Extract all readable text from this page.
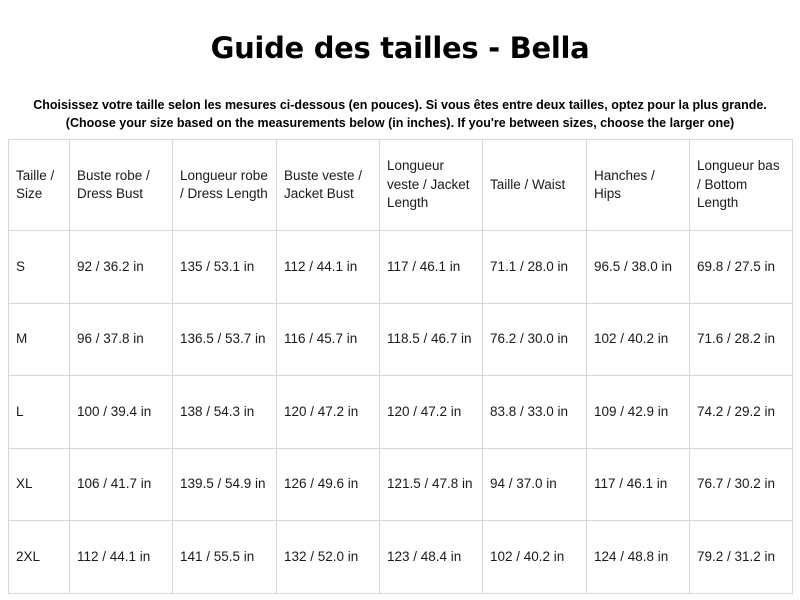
Guide des tailles - Bella
Choisissez votre taille selon les mesures ci-dessous (en pouces). Si vous êtes entre deux tailles, optez pour la plus grande.
(Choose your size based on the measurements below (in inches). If you're between sizes, choose the larger one)
Taille / Size	Buste robe / Dress Bust	Longueur robe / Dress Length	Buste veste / Jacket Bust	Longueur veste / Jacket Length	Taille / Waist	Hanches / Hips	Longueur bas / Bottom Length
S	92 / 36.2 in	135 / 53.1 in	112 / 44.1 in	117 / 46.1 in	71.1 / 28.0 in	96.5 / 38.0 in	69.8 / 27.5 in
M	96 / 37.8 in	136.5 / 53.7 in	116 / 45.7 in	118.5 / 46.7 in	76.2 / 30.0 in	102 / 40.2 in	71.6 / 28.2 in
L	100 / 39.4 in	138 / 54.3 in	120 / 47.2 in	120 / 47.2 in	83.8 / 33.0 in	109 / 42.9 in	74.2 / 29.2 in
XL	106 / 41.7 in	139.5 / 54.9 in	126 / 49.6 in	121.5 / 47.8 in	94 / 37.0 in	117 / 46.1 in	76.7 / 30.2 in
2XL	112 / 44.1 in	141 / 55.5 in	132 / 52.0 in	123 / 48.4 in	102 / 40.2 in	124 / 48.8 in	79.2 / 31.2 in
